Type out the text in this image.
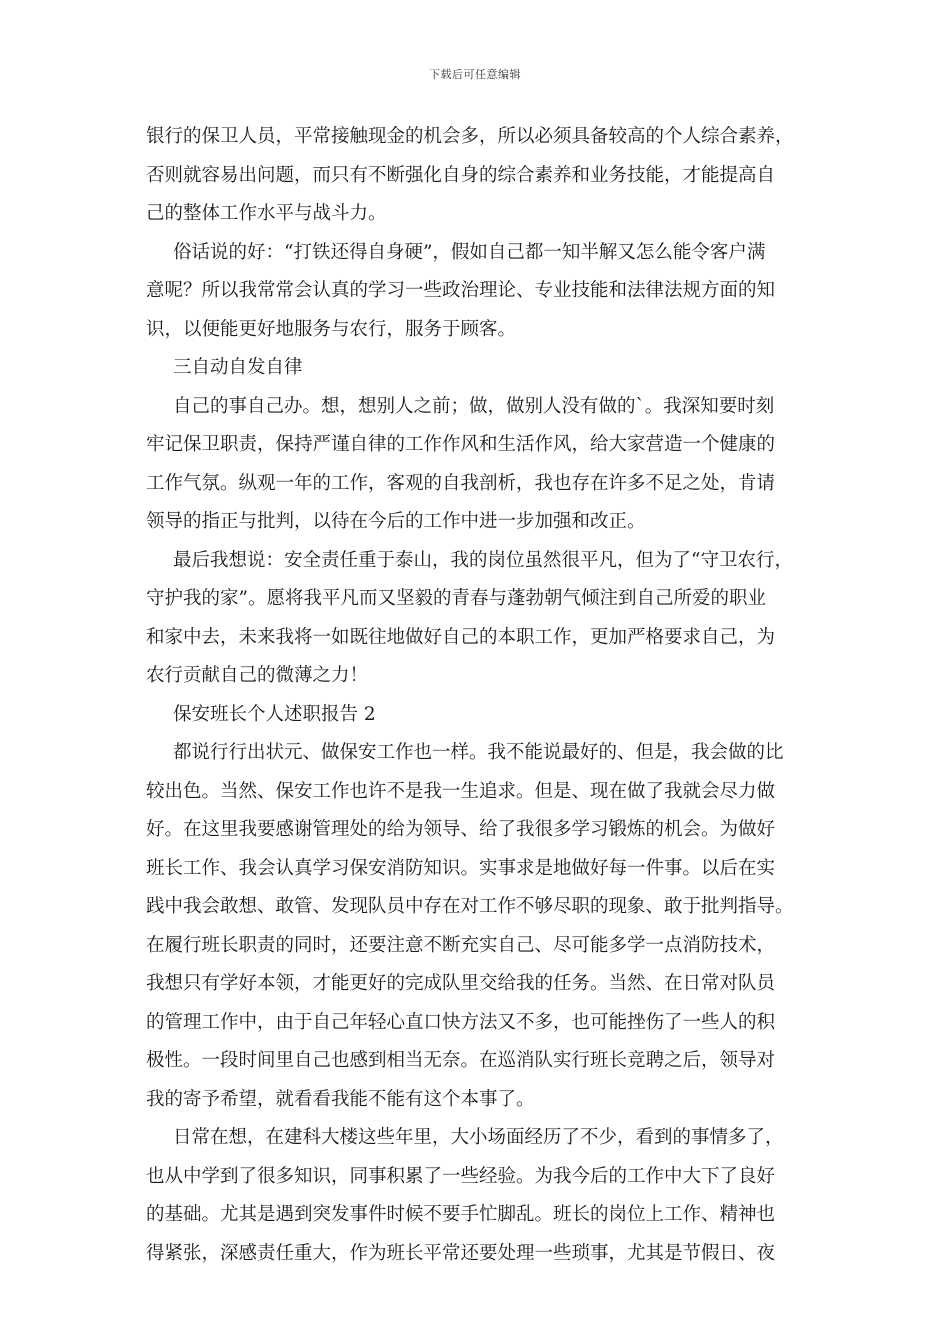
下载后可任意编辑
银行的保卫人员，平常接触现金的机会多，所以必须具备较高的个人综合素养，
否则就容易出问题，而只有不断强化自身的综合素养和业务技能，才能提高自
己的整体工作水平与战斗力。
俗话说的好：“打铁还得自身硬”，假如自己都一知半解又怎么能令客户满
意呢？所以我常常会认真的学习一些政治理论、专业技能和法律法规方面的知
识，以便能更好地服务与农行，服务于顾客。
三自动自发自律
自己的事自己办。想，想别人之前；做，做别人没有做的`。我深知要时刻
牢记保卫职责，保持严谨自律的工作作风和生活作风，给大家营造一个健康的
工作气氛。纵观一年的工作，客观的自我剖析，我也存在许多不足之处，肯请
领导的指正与批判，以待在今后的工作中进一步加强和改正。
最后我想说：安全责任重于泰山，我的岗位虽然很平凡，但为了“守卫农行，
守护我的家”。愿将我平凡而又坚毅的青春与蓬勃朝气倾注到自己所爱的职业
和家中去，未来我将一如既往地做好自己的本职工作，更加严格要求自己，为
农行贡献自己的微薄之力！
保安班长个人述职报告 2
都说行行出状元、做保安工作也一样。我不能说最好的、但是，我会做的比
较出色。当然、保安工作也许不是我一生追求。但是、现在做了我就会尽力做
好。在这里我要感谢管理处的给为领导、给了我很多学习锻炼的机会。为做好
班长工作、我会认真学习保安消防知识。实事求是地做好每一件事。以后在实
践中我会敢想、敢管、发现队员中存在对工作不够尽职的现象、敢于批判指导。
在履行班长职责的同时，还要注意不断充实自己、尽可能多学一点消防技术，
我想只有学好本领，才能更好的完成队里交给我的任务。当然、在日常对队员
的管理工作中，由于自己年轻心直口快方法又不多，也可能挫伤了一些人的积
极性。一段时间里自己也感到相当无奈。在巡消队实行班长竞聘之后，领导对
我的寄予希望，就看看我能不能有这个本事了。
日常在想，在建科大楼这些年里，大小场面经历了不少，看到的事情多了，
也从中学到了很多知识，同事积累了一些经验。为我今后的工作中大下了良好
的基础。尤其是遇到突发事件时候不要手忙脚乱。班长的岗位上工作、精神也
得紧张，深感责任重大，作为班长平常还要处理一些琐事，尤其是节假日、夜
